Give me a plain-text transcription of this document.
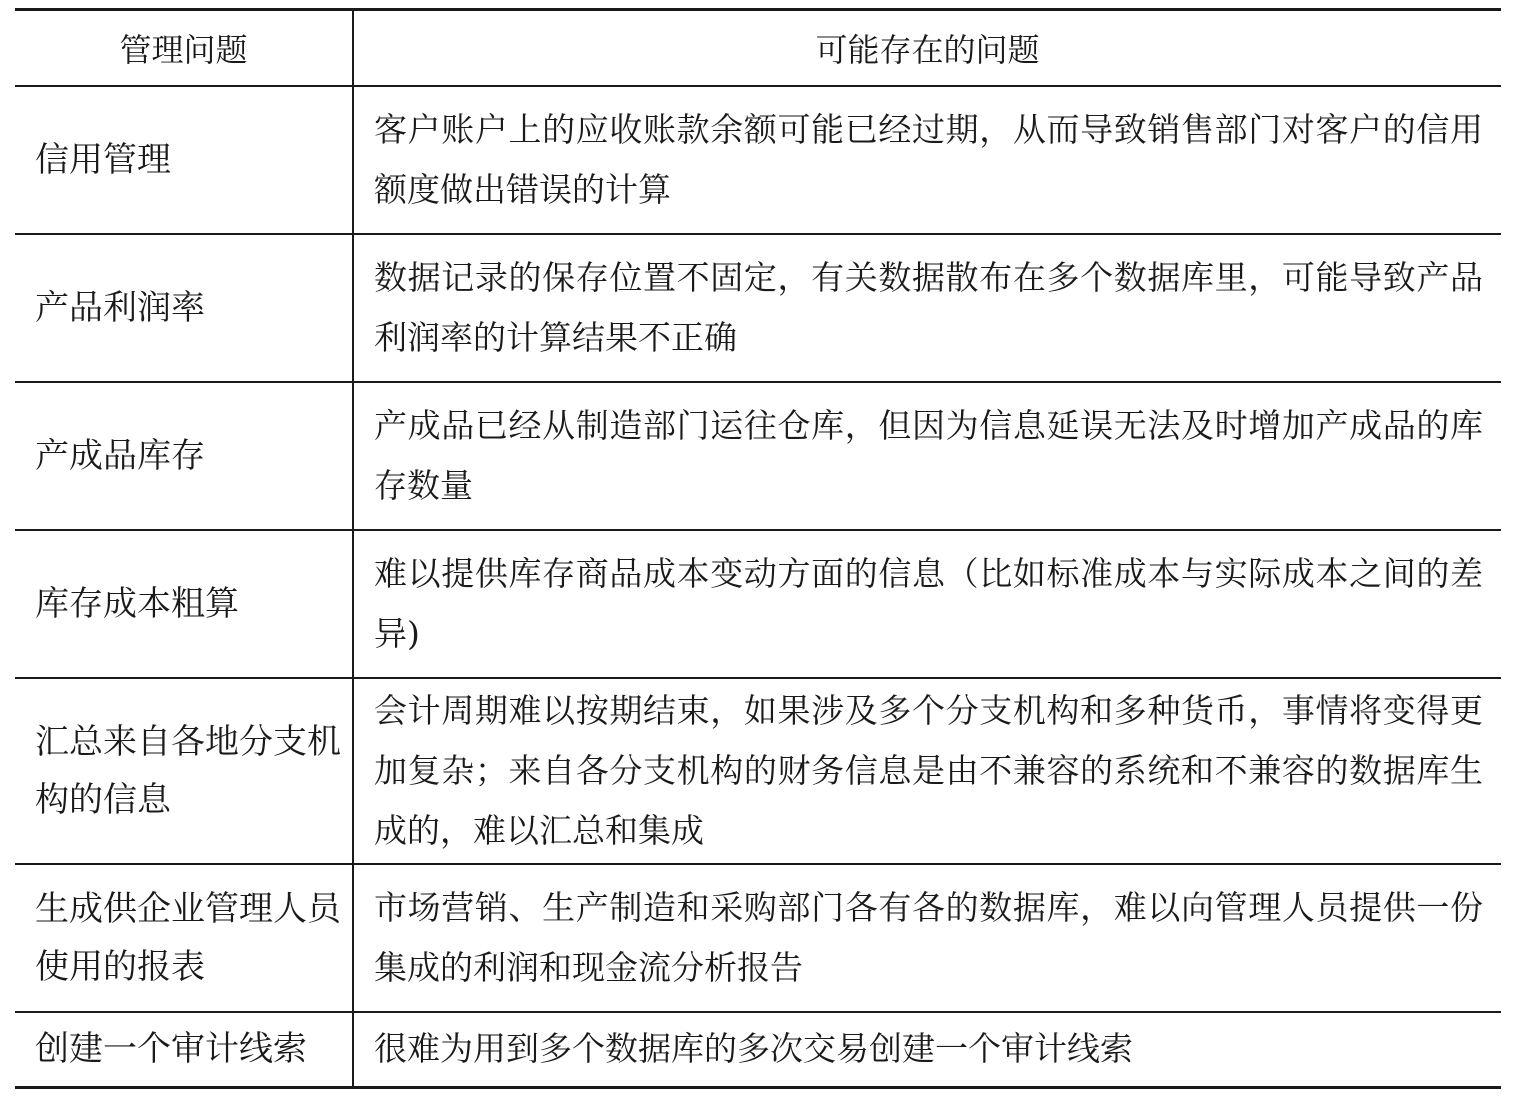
管理问题	可能存在的问题
信用管理	客户账户上的应收账款余额可能已经过期，从而导致销售部门对客户的信用额度做出错误的计算
产品利润率	数据记录的保存位置不固定，有关数据散布在多个数据库里，可能导致产品利润率的计算结果不正确
产成品库存	产成品已经从制造部门运往仓库，但因为信息延误无法及时增加产成品的库存数量
库存成本粗算	难以提供库存商品成本变动方面的信息（比如标准成本与实际成本之间的差异)
汇总来自各地分支机构的信息	会计周期难以按期结束，如果涉及多个分支机构和多种货币，事情将变得更加复杂；来自各分支机构的财务信息是由不兼容的系统和不兼容的数据库生成的，难以汇总和集成
生成供企业管理人员使用的报表	市场营销、生产制造和采购部门各有各的数据库，难以向管理人员提供一份集成的利润和现金流分析报告
创建一个审计线索	很难为用到多个数据库的多次交易创建一个审计线索
